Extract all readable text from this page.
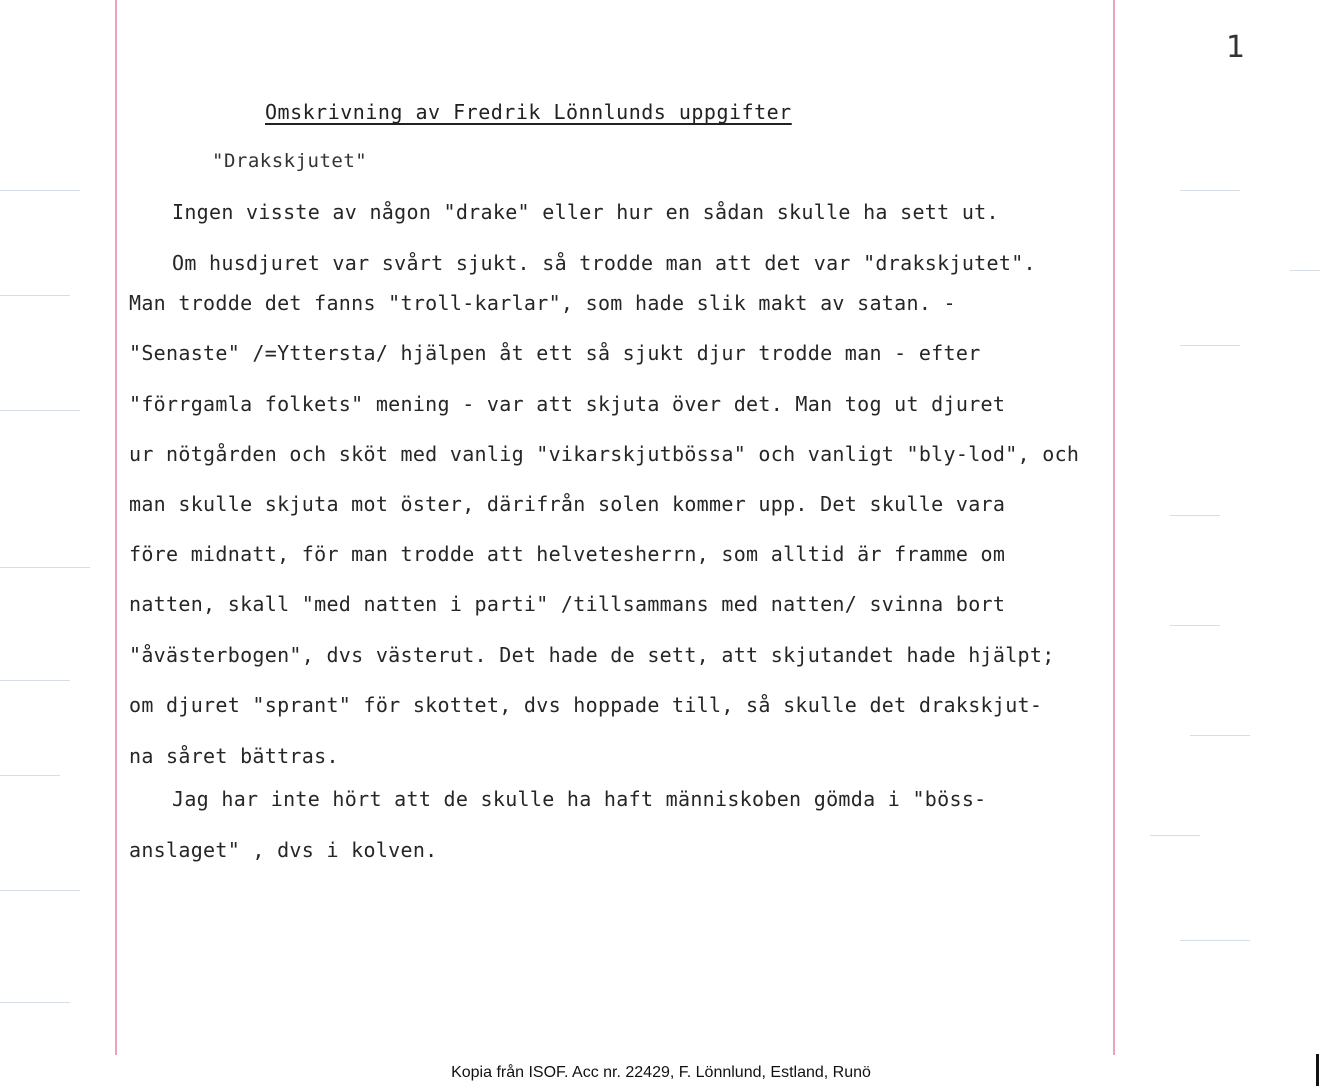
1
Omskrivning av Fredrik Lönnlunds uppgifter
"Drakskjutet"
Ingen visste av någon "drake" eller hur en sådan skulle ha sett ut.
Om husdjuret var svårt sjukt. så trodde man att det var "drakskjutet".
Man trodde det fanns "troll-karlar", som hade slik makt av satan. -
"Senaste" /=Yttersta/ hjälpen åt ett så sjukt djur trodde man - efter
"förrgamla folkets" mening - var att skjuta över det. Man tog ut djuret
ur nötgården och sköt med vanlig "vikarskjutbössa" och vanligt "bly-lod", och
man skulle skjuta mot öster, därifrån solen kommer upp. Det skulle vara
före midnatt, för man trodde att helvetesherrn, som alltid är framme om
natten, skall "med natten i parti" /tillsammans med natten/ svinna bort
"åvästerbogen", dvs västerut. Det hade de sett, att skjutandet hade hjälpt;
om djuret "sprant" för skottet, dvs hoppade till, så skulle det drakskjut-
na såret bättras.
Jag har inte hört att de skulle ha haft människoben gömda i "böss-
anslaget" , dvs i kolven.
Kopia från ISOF. Acc nr. 22429, F. Lönnlund, Estland, Runö
